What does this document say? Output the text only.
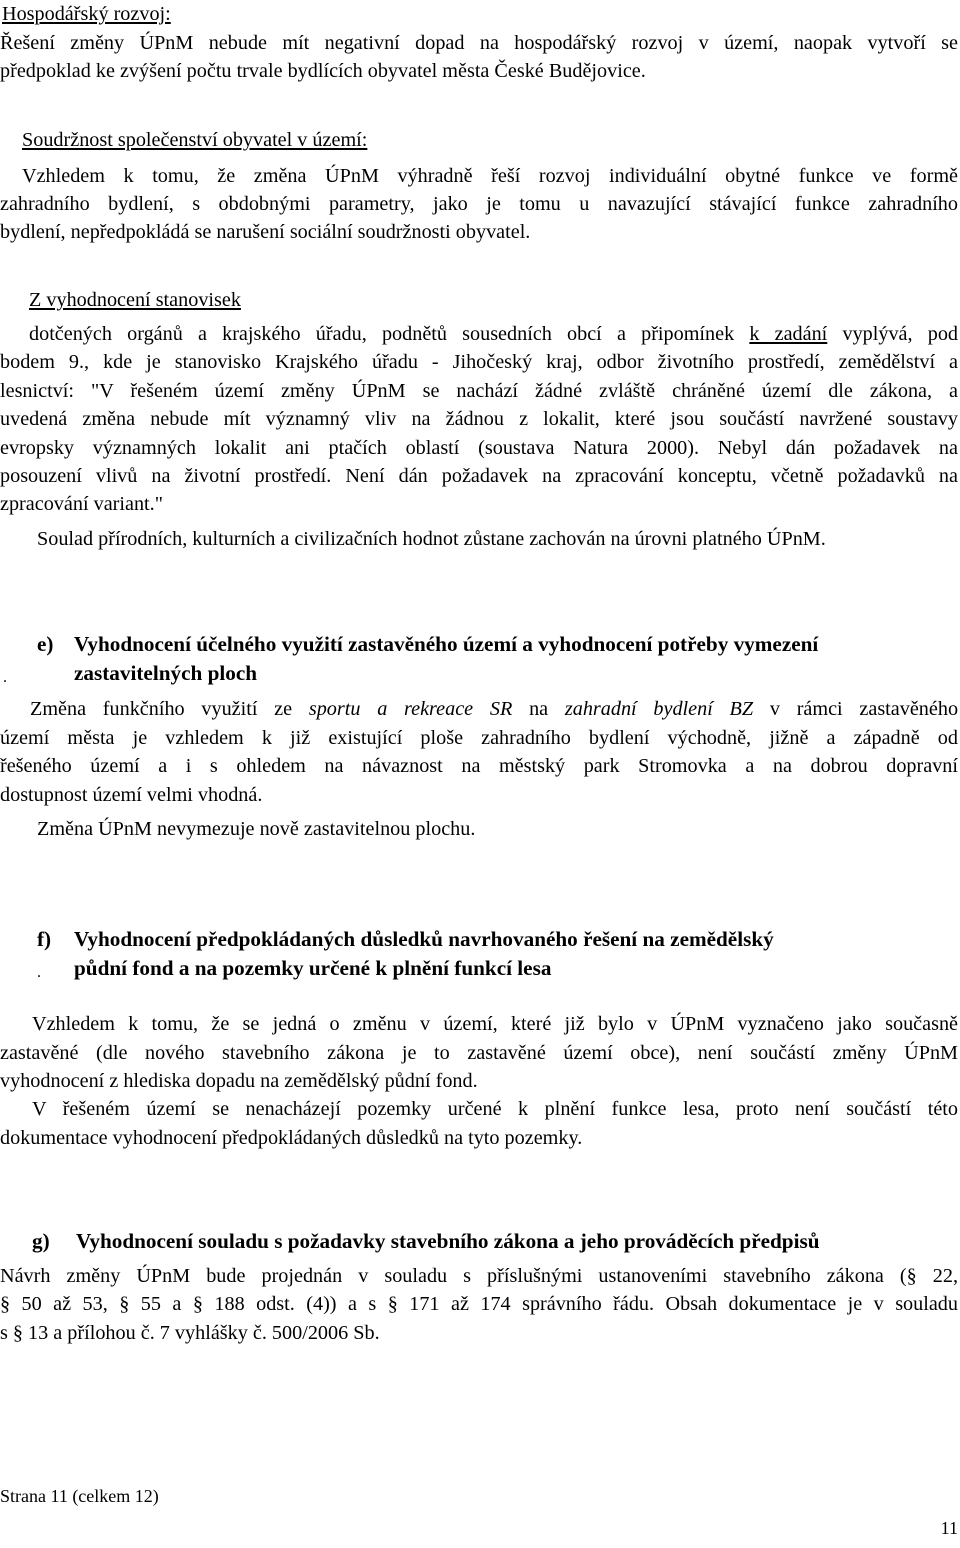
Hospodářský rozvoj:
Řešení změny ÚPnM nebude mít negativní dopad na hospodářský rozvoj v území, naopak vytvoří se
předpoklad ke zvýšení počtu trvale bydlících obyvatel města České Budějovice.
Soudržnost společenství obyvatel v území:
Vzhledem k tomu, že změna ÚPnM výhradně řeší rozvoj individuální obytné funkce ve formě
zahradního bydlení, s obdobnými parametry, jako je tomu u navazující stávající funkce zahradního
bydlení, nepředpokládá se narušení sociální soudržnosti obyvatel.
Z vyhodnocení stanovisek
dotčených orgánů a krajského úřadu, podnětů sousedních obcí a připomínek k zadání vyplývá, pod
bodem 9., kde je stanovisko Krajského úřadu - Jihočeský kraj, odbor životního prostředí, zemědělství a
lesnictví: "V řešeném území změny ÚPnM se nachází žádné zvláště chráněné území dle zákona, a
uvedená změna nebude mít významný vliv na žádnou z lokalit, které jsou součástí navržené soustavy
evropsky významných lokalit ani ptačích oblastí (soustava Natura 2000). Nebyl dán požadavek na
posouzení vlivů na životní prostředí. Není dán požadavek na zpracování konceptu, včetně požadavků na
zpracování variant."
Soulad přírodních, kulturních a civilizačních hodnot zůstane zachován na úrovni platného ÚPnM.
e) Vyhodnocení účelného využití zastavěného území a vyhodnocení potřeby vymezení
.	zastavitelných ploch
Změna funkčního využití ze sportu a rekreace SR na zahradní bydlení BZ v rámci zastavěného
území města je vzhledem k již existující ploše zahradního bydlení východně, jižně a západně od
řešeného území a i s ohledem na návaznost na městský park Stromovka a na dobrou dopravní
dostupnost území velmi vhodná.
Změna ÚPnM nevymezuje nově zastavitelnou plochu.
f) Vyhodnocení předpokládaných důsledků navrhovaného řešení na zemědělský
. půdní fond a na pozemky určené k plnění funkcí lesa
Vzhledem k tomu, že se jedná o změnu v území, které již bylo v ÚPnM vyznačeno jako současně
zastavěné (dle nového stavebního zákona je to zastavěné území obce), není součástí změny ÚPnM
vyhodnocení z hlediska dopadu na zemědělský půdní fond.
V řešeném území se nenacházejí pozemky určené k plnění funkce lesa, proto není součástí této
dokumentace vyhodnocení předpokládaných důsledků na tyto pozemky.
g) Vyhodnocení souladu s požadavky stavebního zákona a jeho prováděcích předpisů
Návrh změny ÚPnM bude projednán v souladu s příslušnými ustanoveními stavebního zákona (§ 22,
§ 50 až 53, § 55 a § 188 odst. (4)) a s § 171 až 174 správního řádu. Obsah dokumentace je v souladu
s § 13 a přílohou č. 7 vyhlášky č. 500/2006 Sb.
Strana 11 (celkem 12)
11
